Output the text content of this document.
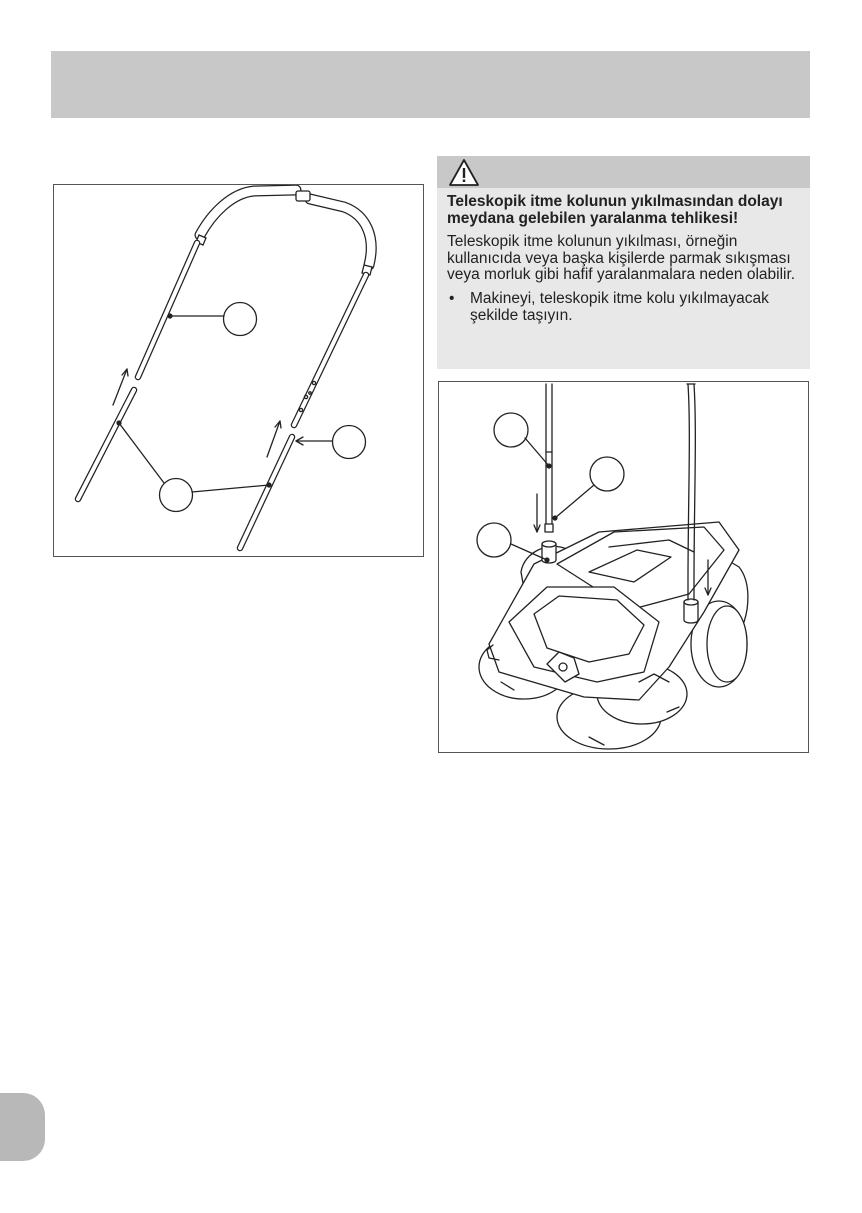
Teleskopik itme kolunun yıkılmasından dolayı meydana gelebilen yaralanma tehlikesi!

Teleskopik itme kolunun yıkılması, örneğin kullanıcıda veya başka kişilerde parmak sıkışması veya morluk gibi hafif yaralanmalara neden olabilir.

• Makineyi, teleskopik itme kolu yıkılmayacak şekilde taşıyın.
